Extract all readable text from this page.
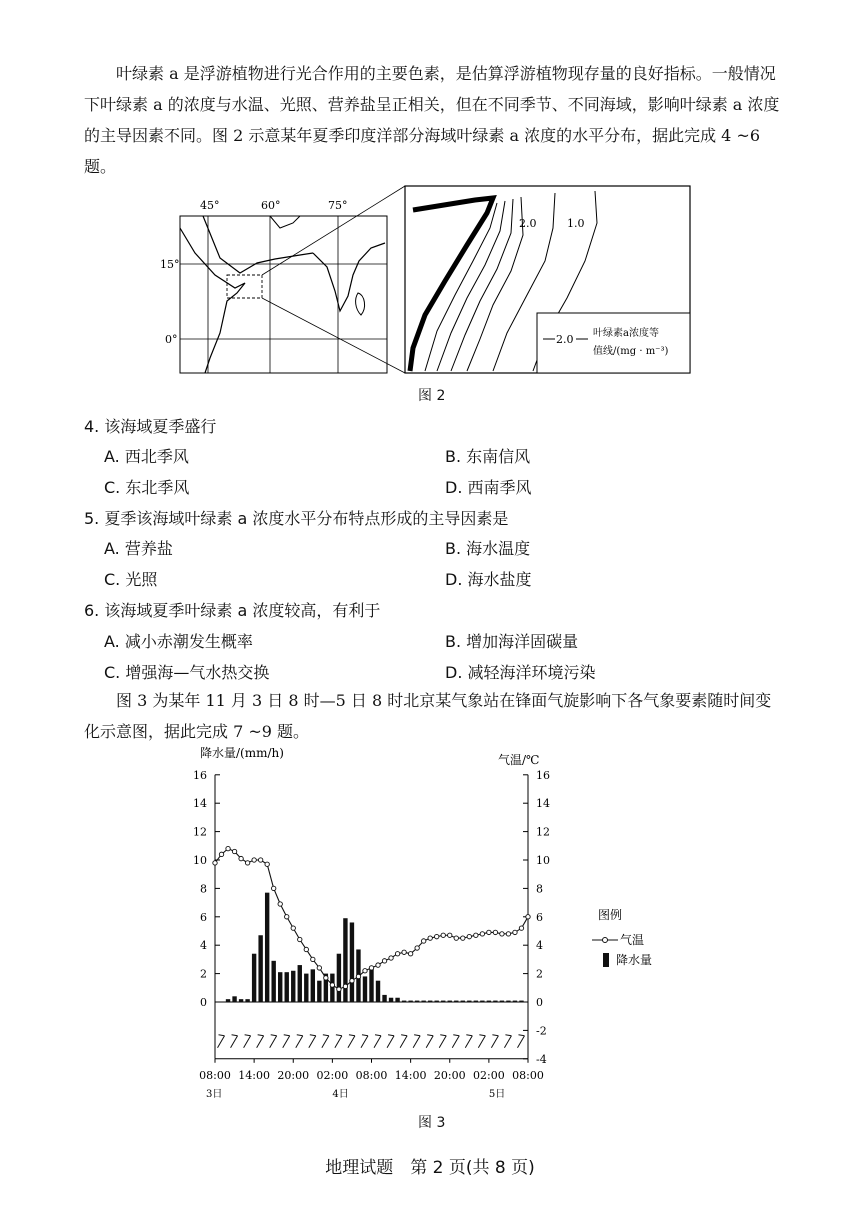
叶绿素 a 是浮游植物进行光合作用的主要色素，是估算浮游植物现存量的良好指标。一般情况下叶绿素 a 的浓度与水温、光照、营养盐呈正相关，但在不同季节、不同海域，影响叶绿素 a 浓度的主导因素不同。图 2 示意某年夏季印度洋部分海域叶绿素 a 浓度的水平分布，据此完成 4 ~6 题。

45°	60°	75°
15°
0°
2.0	1.0
2.0 叶绿素a浓度等
值线/(mg · m⁻³)
图 2
4. 该海域夏季盛行
A. 西北季风	B. 东南信风
C. 东北季风	D. 西南季风
5. 夏季该海域叶绿素 a 浓度水平分布特点形成的主导因素是
A. 营养盐	B. 海水温度
C. 光照	D. 海水盐度
6. 该海域夏季叶绿素 a 浓度较高，有利于
A. 减小赤潮发生概率	B. 增加海洋固碳量
C. 增强海—气水热交换	D. 减轻海洋环境污染

图 3 为某年 11 月 3 日 8 时—5 日 8 时北京某气象站在锋面气旋影响下各气象要素随时间变化示意图，据此完成 7 ~9 题。

降水量/(mm/h)	气温/℃
图例
16
14
12
10
8
6
4
2
0
16
14
12
10
8
6
4
2
0
-2
-4
08:00 14:00 20:00 02:00 08:00 14:00 20:00 02:00 08:00
3日	4日	5日
气温
降水量
图 3
地理试题　第 2 页(共 8 页)
